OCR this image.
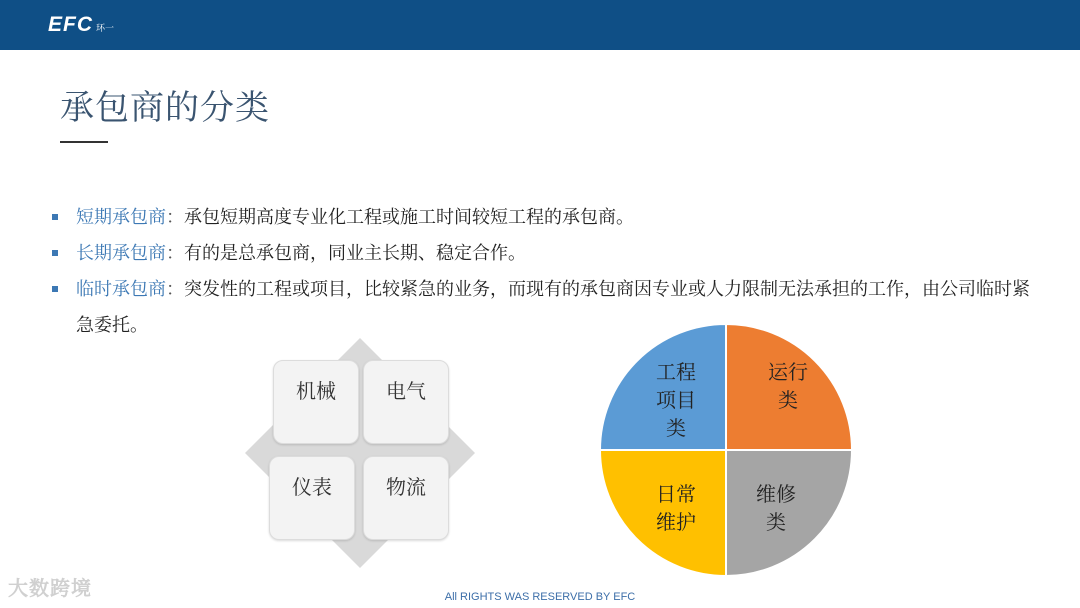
EFC 环一
承包商的分类
短期承包商：承包短期高度专业化工程或施工时间较短工程的承包商。
长期承包商：有的是总承包商，同业主长期、稳定合作。
临时承包商：突发性的工程或项目，比较紧急的业务，而现有的承包商因专业或人力限制无法承担的工作，由公司临时紧急委托。
机械	电气
仪表	物流
工程
项目
类
运行
类
维修
类
日常
维护
大数跨境	All RIGHTS WAS RESERVED BY EFC
